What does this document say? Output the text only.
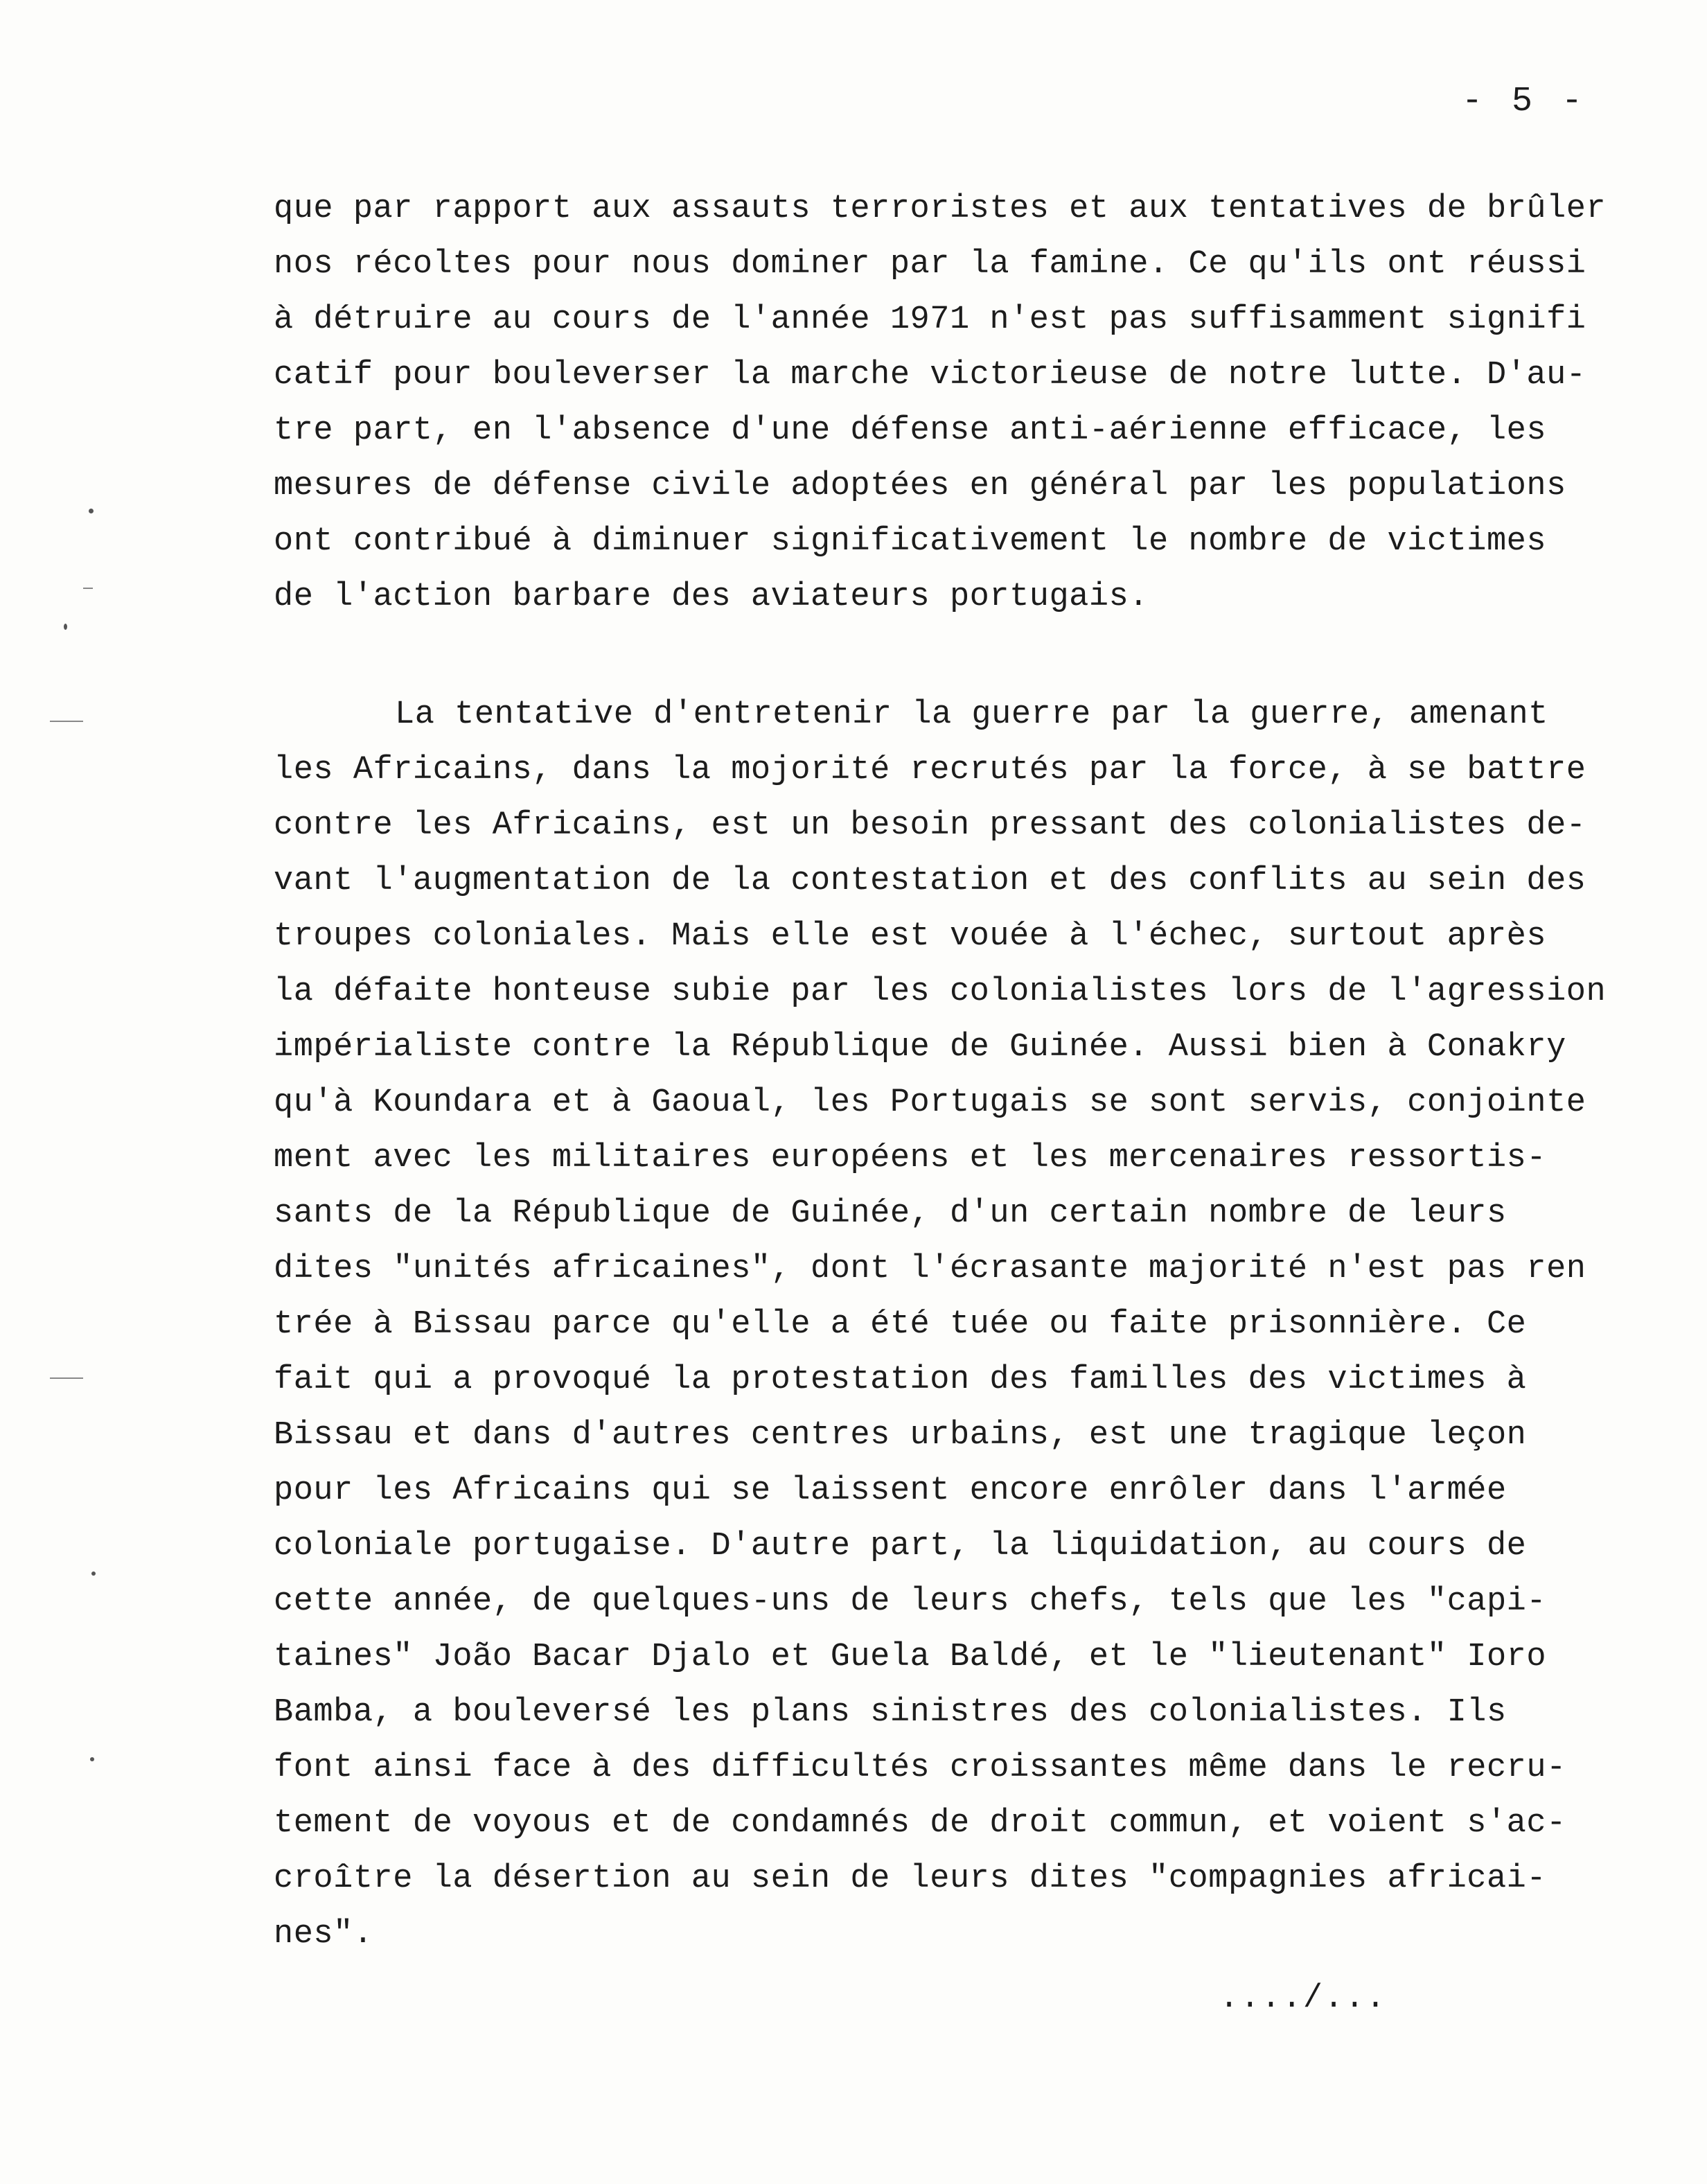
- 5 -
que par rapport aux assauts terroristes et aux tentatives de brûler
nos récoltes pour nous dominer par la famine. Ce qu'ils ont réussi
à détruire au cours de l'année 1971 n'est pas suffisamment signifi
catif pour bouleverser la marche victorieuse de notre lutte. D'au-
tre part, en l'absence d'une défense anti-aérienne efficace, les
mesures de défense civile adoptées en général par les populations
ont contribué à diminuer significativement le nombre de victimes
de l'action barbare des aviateurs portugais.
La tentative d'entretenir la guerre par la guerre, amenant
les Africains, dans la mojorité recrutés par la force, à se battre
contre les Africains, est un besoin pressant des colonialistes de-
vant l'augmentation de la contestation et des conflits au sein des
troupes coloniales. Mais elle est vouée à l'échec, surtout après
la défaite honteuse subie par les colonialistes lors de l'agression
impérialiste contre la République de Guinée. Aussi bien à Conakry
qu'à Koundara et à Gaoual, les Portugais se sont servis, conjointe
ment avec les militaires européens et les mercenaires ressortis-
sants de la République de Guinée, d'un certain nombre de leurs
dites "unités africaines", dont l'écrasante majorité n'est pas ren
trée à Bissau parce qu'elle a été tuée ou faite prisonnière. Ce
fait qui a provoqué la protestation des familles des victimes à
Bissau et dans d'autres centres urbains, est une tragique leçon
pour les Africains qui se laissent encore enrôler dans l'armée
coloniale portugaise. D'autre part, la liquidation, au cours de
cette année, de quelques-uns de leurs chefs, tels que les "capi-
taines" João Bacar Djalo et Guela Baldé, et le "lieutenant" Ioro
Bamba, a bouleversé les plans sinistres des colonialistes. Ils
font ainsi face à des difficultés croissantes même dans le recru-
tement de voyous et de condamnés de droit commun, et voient s'ac-
croître la désertion au sein de leurs dites "compagnies africai-
nes".
..../...
